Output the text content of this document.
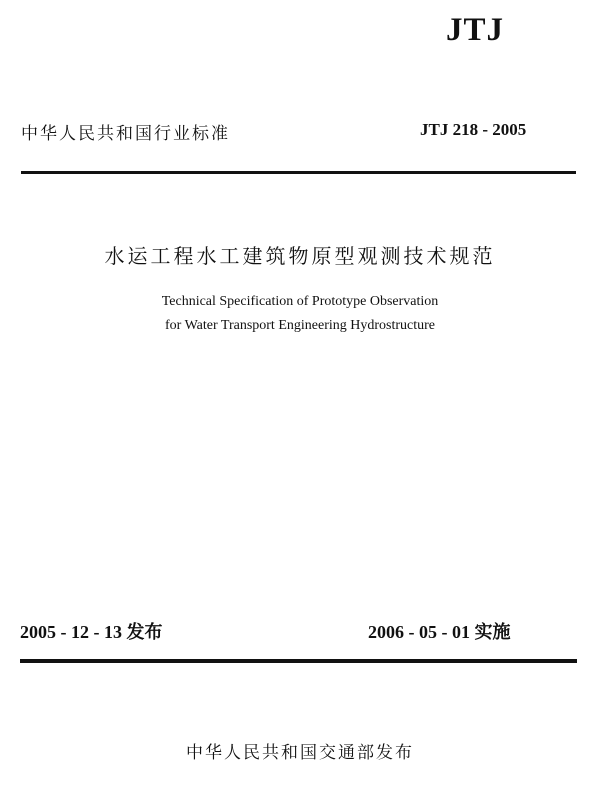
JTJ
中华人民共和国行业标准	JTJ 218 - 2005
水运工程水工建筑物原型观测技术规范
Technical Specification of Prototype Observation
for Water Transport Engineering Hydrostructure
2005 - 12 - 13 发布	2006 - 05 - 01 实施
中华人民共和国交通部发布
